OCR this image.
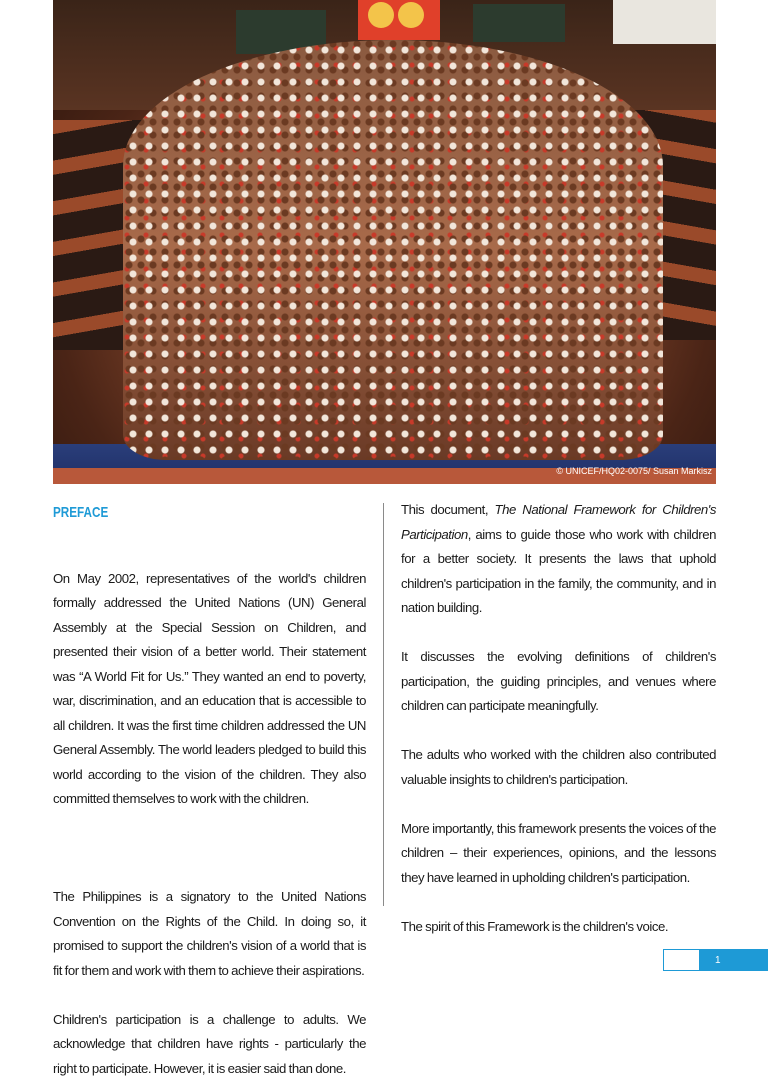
© UNICEF/HQ02-0075/ Susan Markisz
PREFACE

On May 2002, representatives of the world's children formally addressed the United Nations (UN) General Assembly at the Special Session on Children, and presented their vision of a better world. Their statement was “A World Fit for Us.” They wanted an end to poverty, war, discrimination, and an education that is accessible to all children. It was the first time children addressed the UN General Assembly. The world leaders pledged to build this world according to the vision of the children. They also committed themselves to work with the children.

The Philippines is a signatory to the United Nations Convention on the Rights of the Child. In doing so, it promised to support the children's vision of a world that is fit for them and work with them to achieve their aspirations.

Children's participation is a challenge to adults. We acknowledge that children have rights - particularly the right to participate. However, it is easier said than done.

This document, The National Framework for Children's Participation, aims to guide those who work with children for a better society. It presents the laws that uphold children's participation in the family, the community, and in nation building.

It discusses the evolving definitions of children's participation, the guiding principles, and venues where children can participate meaningfully.

The adults who worked with the children also contributed valuable insights to children's participation.

More importantly, this framework presents the voices of the children – their experiences, opinions, and the lessons they have learned in upholding children's participation.

The spirit of this Framework is the children's voice.

1
